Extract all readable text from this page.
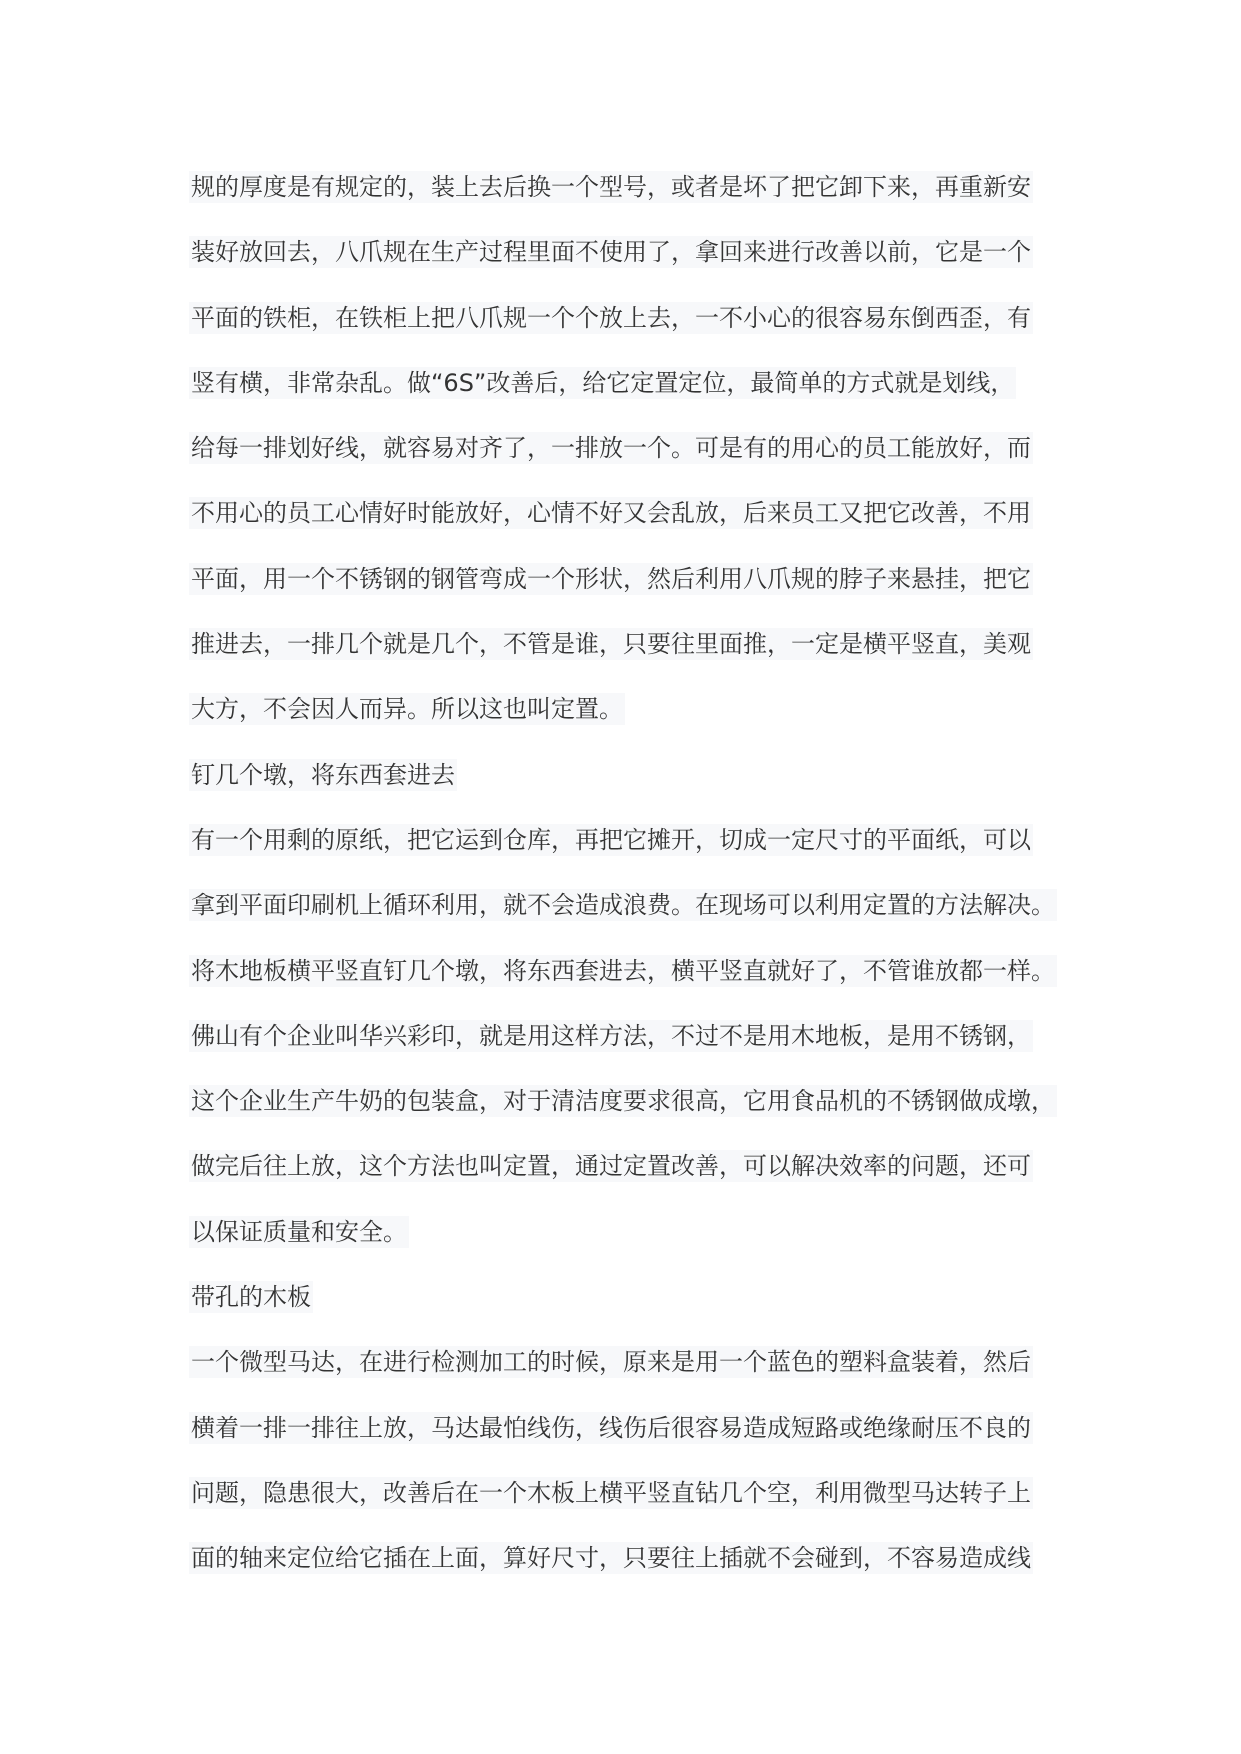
规的厚度是有规定的，装上去后换一个型号，或者是坏了把它卸下来，再重新安
装好放回去，八爪规在生产过程里面不使用了，拿回来进行改善以前，它是一个
平面的铁柜，在铁柜上把八爪规一个个放上去，一不小心的很容易东倒西歪，有
竖有横，非常杂乱。做“6S”改善后，给它定置定位，最简单的方式就是划线，
给每一排划好线，就容易对齐了，一排放一个。可是有的用心的员工能放好，而
不用心的员工心情好时能放好，心情不好又会乱放，后来员工又把它改善，不用
平面，用一个不锈钢的钢管弯成一个形状，然后利用八爪规的脖子来悬挂，把它
推进去，一排几个就是几个，不管是谁，只要往里面推，一定是横平竖直，美观
大方，不会因人而异。所以这也叫定置。
钉几个墩，将东西套进去
有一个用剩的原纸，把它运到仓库，再把它摊开，切成一定尺寸的平面纸，可以
拿到平面印刷机上循环利用，就不会造成浪费。在现场可以利用定置的方法解决。
将木地板横平竖直钉几个墩，将东西套进去，横平竖直就好了，不管谁放都一样。
佛山有个企业叫华兴彩印，就是用这样方法，不过不是用木地板，是用不锈钢，
这个企业生产牛奶的包装盒，对于清洁度要求很高，它用食品机的不锈钢做成墩，
做完后往上放，这个方法也叫定置，通过定置改善，可以解决效率的问题，还可
以保证质量和安全。
带孔的木板
一个微型马达，在进行检测加工的时候，原来是用一个蓝色的塑料盒装着，然后
横着一排一排往上放，马达最怕线伤，线伤后很容易造成短路或绝缘耐压不良的
问题，隐患很大，改善后在一个木板上横平竖直钻几个空，利用微型马达转子上
面的轴来定位给它插在上面，算好尺寸，只要往上插就不会碰到，不容易造成线
